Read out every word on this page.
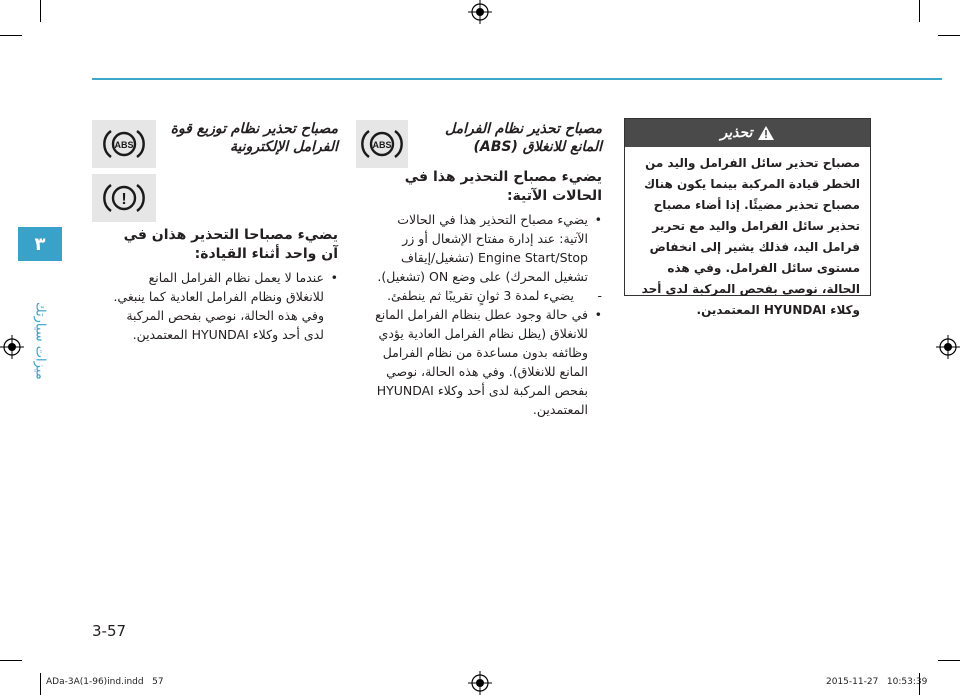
٣
ميزات سيارتك
تحذير

مصباح تحذير سائل الفرامل واليد من الخطر قيادة المركبة بينما يكون هناك مصباح تحذير مضيئًا. إذا أضاء مصباح تحذير سائل الفرامل واليد مع تحرير فرامل اليد، فذلك يشير إلى انخفاض مستوى سائل الفرامل. وفي هذه الحالة، نوصي بفحص المركبة لدى أحد وكلاء HYUNDAI المعتمدين.

ABS
مصباح تحذير نظام الفرامل
المانع للانغلاق (ABS)
يضيء مصباح التحذير هذا في
الحالات الآتية:
• يضيء مصباح التحذير هذا في الحالات الآتية: عند إدارة مفتاح الإشعال أو زر Engine Start/Stop (تشغيل/إيقاف تشغيل المحرك) على وضع ON (تشغيل).
- يضيء لمدة 3 ثوانٍ تقريبًا ثم ينطفئ.
• في حالة وجود عطل بنظام الفرامل المانع للانغلاق (يظل نظام الفرامل العادية يؤدي وظائفه بدون مساعدة من نظام الفرامل المانع للانغلاق). وفي هذه الحالة، نوصي بفحص المركبة لدى أحد وكلاء HYUNDAI المعتمدين.
ABS
!
مصباح تحذير نظام توزيع قوة
الفرامل الإلكترونية
يضيء مصباحا التحذير هذان في
آن واحد أثناء القيادة:
• عندما لا يعمل نظام الفرامل المانع للانغلاق ونظام الفرامل العادية كما ينبغي. وفي هذه الحالة، نوصي بفحص المركبة لدى أحد وكلاء HYUNDAI المعتمدين.
3-57
ADa-3A(1-96)ind.indd   57	2015-11-27   10:53:39
